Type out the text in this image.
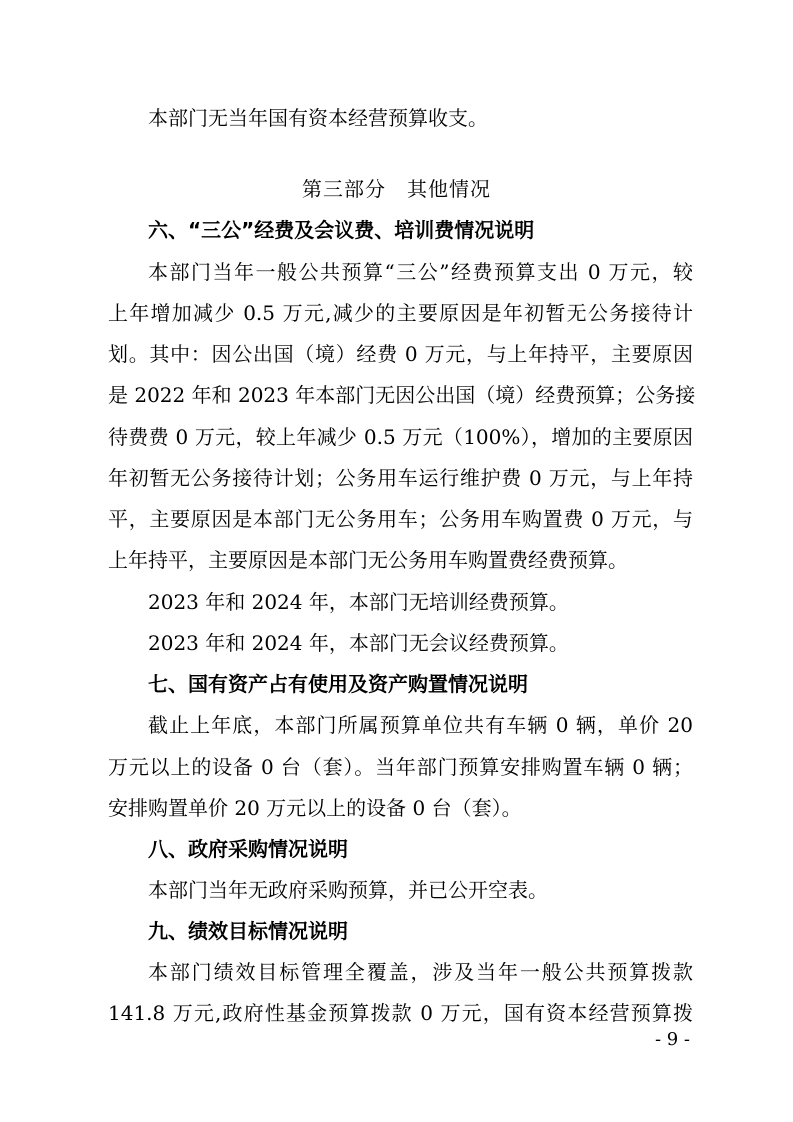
本部门无当年国有资本经营预算收支。
第三部分　其他情况
六、“三公”经费及会议费、培训费情况说明
本部门当年一般公共预算“三公”经费预算支出 0 万元，较
上年增加减少 0.5 万元,减少的主要原因是年初暂无公务接待计
划。其中：因公出国（境）经费 0 万元，与上年持平，主要原因
是 2022 年和 2023 年本部门无因公出国（境）经费预算；公务接
待费费 0 万元，较上年减少 0.5 万元（100%），增加的主要原因
年初暂无公务接待计划；公务用车运行维护费 0 万元，与上年持
平，主要原因是本部门无公务用车；公务用车购置费 0 万元，与
上年持平，主要原因是本部门无公务用车购置费经费预算。
2023 年和 2024 年，本部门无培训经费预算。
2023 年和 2024 年，本部门无会议经费预算。
七、国有资产占有使用及资产购置情况说明
截止上年底，本部门所属预算单位共有车辆 0 辆，单价 20
万元以上的设备 0 台（套）。当年部门预算安排购置车辆 0 辆；
安排购置单价 20 万元以上的设备 0 台（套）。
八、政府采购情况说明
本部门当年无政府采购预算，并已公开空表。
九、绩效目标情况说明
本部门绩效目标管理全覆盖，涉及当年一般公共预算拨款
141.8 万元,政府性基金预算拨款 0 万元，国有资本经营预算拨
- 9 -
